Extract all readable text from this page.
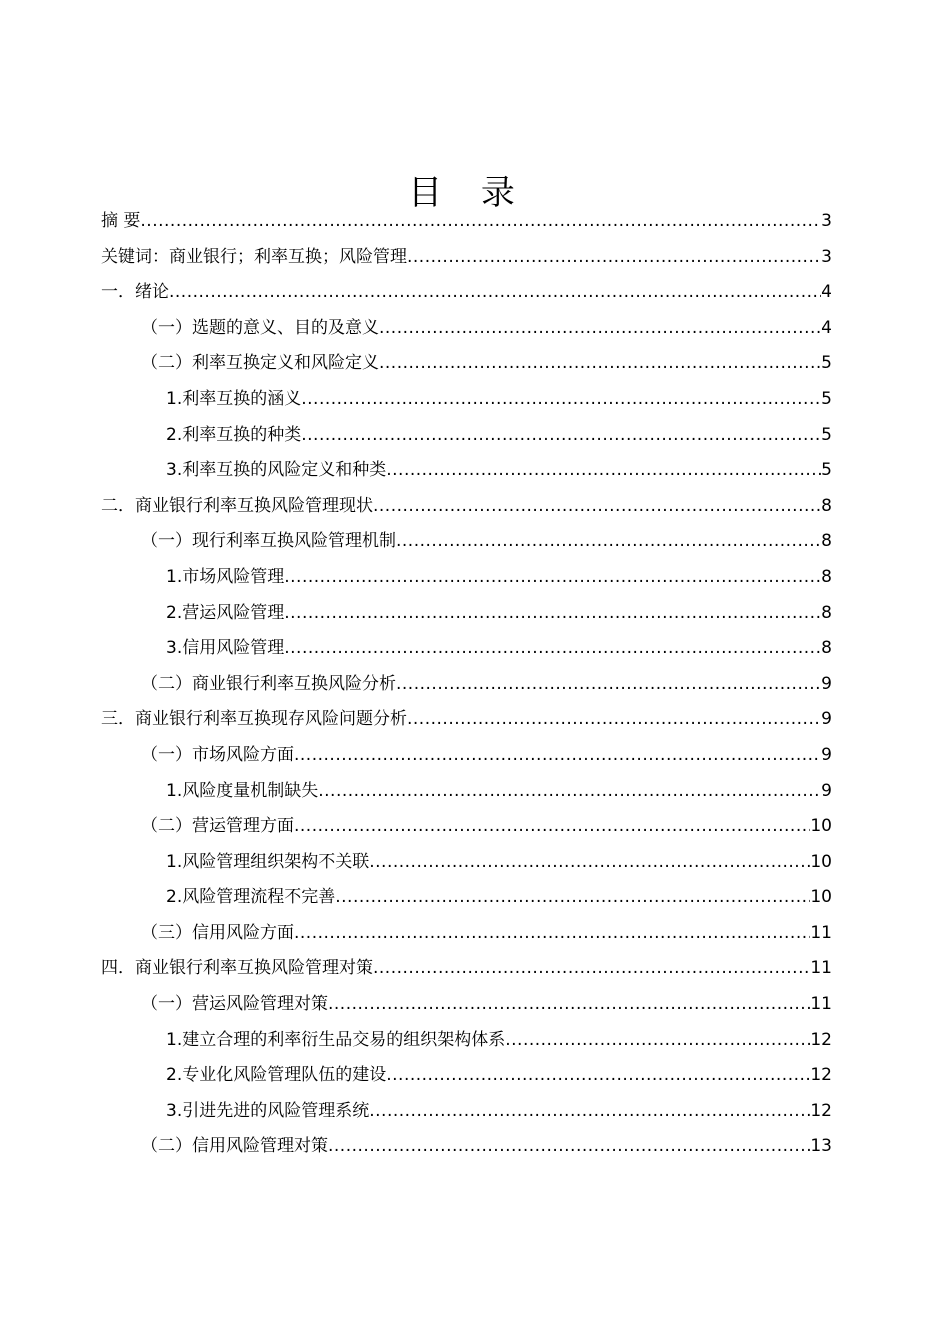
目 录
摘 要 .....	3
关键词：商业银行；利率互换；风险管理 .....	3
一．绪论 .....	4
（一）选题的意义、目的及意义 .....	4
（二）利率互换定义和风险定义 .....	5
1.利率互换的涵义 .....	5
2.利率互换的种类 .....	5
3.利率互换的风险定义和种类 .....	5
二．商业银行利率互换风险管理现状 .....	8
（一）现行利率互换风险管理机制 .....	8
1.市场风险管理 .....	8
2.营运风险管理 .....	8
3.信用风险管理 .....	8
（二）商业银行利率互换风险分析 .....	9
三．商业银行利率互换现存风险问题分析 .....	9
（一）市场风险方面 .....	9
1.风险度量机制缺失 .....	9
（二）营运管理方面 .....	10
1.风险管理组织架构不关联 .....	10
2.风险管理流程不完善 .....	10
（三）信用风险方面 .....	11
四．商业银行利率互换风险管理对策 .....	11
（一）营运风险管理对策 .....	11
1.建立合理的利率衍生品交易的组织架构体系 .....	12
2.专业化风险管理队伍的建设 .....	12
3.引进先进的风险管理系统 .....	12
（二）信用风险管理对策 .....	13
